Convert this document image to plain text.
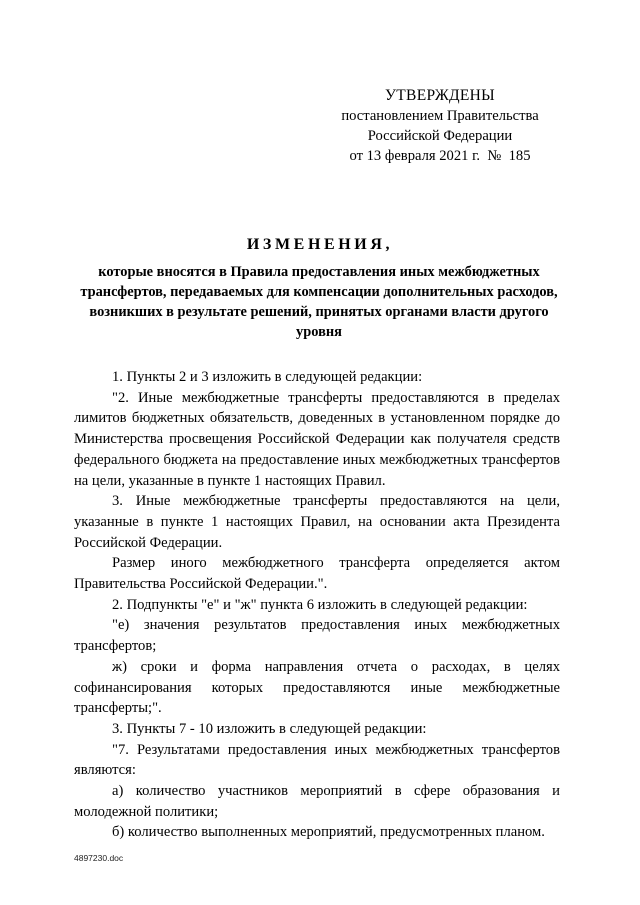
УТВЕРЖДЕНЫ
постановлением Правительства
Российской Федерации
от 13 февраля 2021 г. № 185
ИЗМЕНЕНИЯ,
которые вносятся в Правила предоставления иных межбюджетных трансфертов, передаваемых для компенсации дополнительных расходов, возникших в результате решений, принятых органами власти другого уровня

1. Пункты 2 и 3 изложить в следующей редакции:

"2. Иные межбюджетные трансферты предоставляются в пределах лимитов бюджетных обязательств, доведенных в установленном порядке до Министерства просвещения Российской Федерации как получателя средств федерального бюджета на предоставление иных межбюджетных трансфертов на цели, указанные в пункте 1 настоящих Правил.

3. Иные межбюджетные трансферты предоставляются на цели, указанные в пункте 1 настоящих Правил, на основании акта Президента Российской Федерации.

Размер иного межбюджетного трансферта определяется актом Правительства Российской Федерации.".

2. Подпункты "е" и "ж" пункта 6 изложить в следующей редакции:

"е) значения результатов предоставления иных межбюджетных трансфертов;

ж) сроки и форма направления отчета о расходах, в целях софинансирования которых предоставляются иные межбюджетные трансферты;".

3. Пункты 7 - 10 изложить в следующей редакции:

"7. Результатами предоставления иных межбюджетных трансфертов являются:

а) количество участников мероприятий в сфере образования и молодежной политики;

б) количество выполненных мероприятий, предусмотренных планом.

4897230.doc
